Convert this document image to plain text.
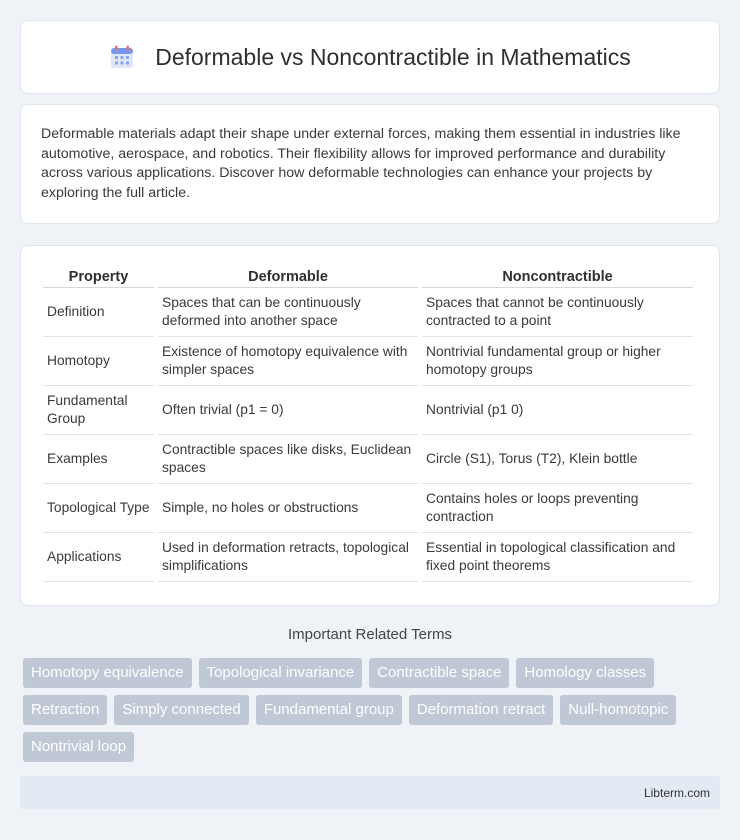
Deformable vs Noncontractible in Mathematics

Deformable materials adapt their shape under external forces, making them essential in industries like automotive, aerospace, and robotics. Their flexibility allows for improved performance and durability across various applications. Discover how deformable technologies can enhance your projects by exploring the full article.

Property	Deformable	Noncontractible
Definition	Spaces that can be continuously deformed into another space	Spaces that cannot be continuously contracted to a point
Homotopy	Existence of homotopy equivalence with simpler spaces	Nontrivial fundamental group or higher homotopy groups
Fundamental Group	Often trivial (p1 = 0)	Nontrivial (p1 0)
Examples	Contractible spaces like disks, Euclidean spaces	Circle (S1), Torus (T2), Klein bottle
Topological Type	Simple, no holes or obstructions	Contains holes or loops preventing contraction
Applications	Used in deformation retracts, topological simplifications	Essential in topological classification and fixed point theorems
Important Related Terms
Homotopy equivalence	Topological invariance	Contractible space	Homology classes
Retraction	Simply connected	Fundamental group	Deformation retract	Null-homotopic
Nontrivial loop
Libterm.com
